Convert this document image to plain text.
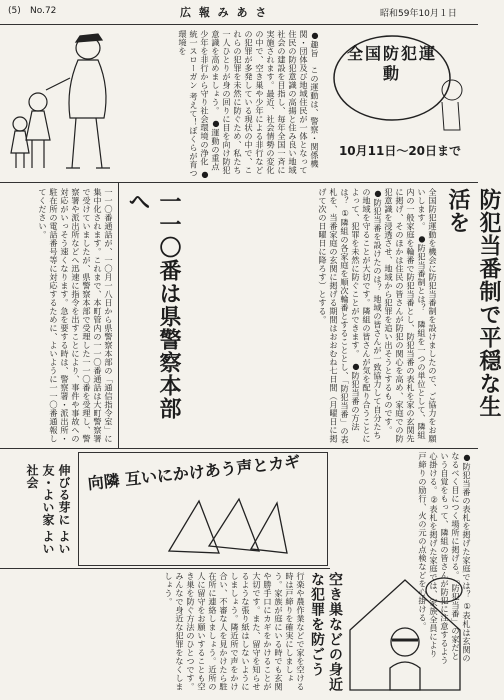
(5) No.72	広 報 み あ さ	昭和59年10月１日
●趣旨　この運動は、警察・関係機関・団体及び地域住民が一体となって住民の防犯意識の高揚と住み良い地域社会の建設を目指し、毎年全国一斉に実施されます。最近、社会情勢の変化の中で、空き巣や少年による非行などの犯罪が多発している現状の中で、これらの犯罪を未然に防ぐため、私たち一人ひとりが身の回りに目を向け防犯意識を高めましょう。 ●運動の重点　少年を非行から守り社会環境の浄化 ●統一スローガン 考えて！ぼくらが育つ環境を	全国防犯運動
10月11日～20日まで
一一〇番通話が、一〇月一八日から県警察本部の「通信指令室」に集中化されます。これまで、本町管内の一一〇番通話は大町警察署で受けていましたが、県警察本部で受理した一一〇番を受理し、警察署や派出所などへ迅速に指令を出すことにより、事件や事故への対応がいっそう速くなります。急を要する時は、警察署・派出所・駐在所の電話番号等に対応するために、よいように一一〇番通報してください。	一一〇番は県警察本部へ	防犯当番制で平穏な生活を
全国防犯運動を機会に防犯当番制を設けましたので、ご協力をお願いします。 ●防犯当番制とは？　隣組を一つの単位として、隣組内の一般家庭を輪番で防犯当番とし、防犯当番の表札を家の玄関先に掲げ、そのほかは住民の皆さんが防犯の関心を高め、家庭での防犯意識を浸透させ、地域から犯罪を追い出そうとするものです。 ●防犯当番を設けたのは？ 地域の皆さんが一致協力して自分たちの地域を守ることが大切です。隣組の皆さんが気を配り合うことによって、犯罪を未然に防ぐことができます。 ●防犯当番の方法は？ ①隣組の各家庭を順次輪番とすることとし、「防犯当番」の表札を、当番家庭の玄関に掲げる期間はおおむね七日間（月曜日に掲げて次の日曜日に降ろす）とする。
向隣 互いにかけあう声とカギ
伸びる芽に よい友・よい家 よい社会	●防犯当番の表札を掲げた家庭では？ ①表札は玄関のなるべく目につく場所に掲げる。「防犯当番」の家だという自覚をもって、隣組の皆さんが防犯に注意するよう心掛ける。②表札を掲げた家庭では、家族全員により戸締りの励行、火の元の点検などを心掛ける。
行楽や農作業などで家を空ける時は戸締りを確実にしましょう。家族が庭にいる時でも玄関や勝手口にカギをかけることが大切です。また、留守を知らせるような張り紙はしないようにしましょう。隣近所で声をかけ合い、不審な人を見かけたら駐在所に連絡しましょう。近所の人に留守をお願いすることも空き巣を防ぐ方法のひとつです。みんなで身近な犯罪をなくしましょう。	空き巣などの身近な犯罪を防ごう
